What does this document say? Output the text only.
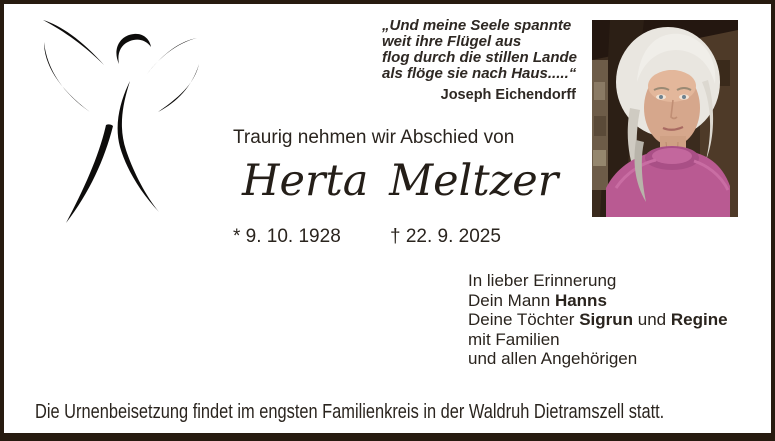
„Und meine Seele spannte
weit ihre Flügel aus
flog durch die stillen Lande
als flöge sie nach Haus.....“
Joseph Eichendorff
Traurig nehmen wir Abschied von
Herta Meltzer
* 9. 10. 1928	† 22. 9. 2025
In lieber Erinnerung
Dein Mann Hanns
Deine Töchter Sigrun und Regine
mit Familien
und allen Angehörigen
Die Urnenbeisetzung findet im engsten Familienkreis in der Waldruh Dietramszell statt.
